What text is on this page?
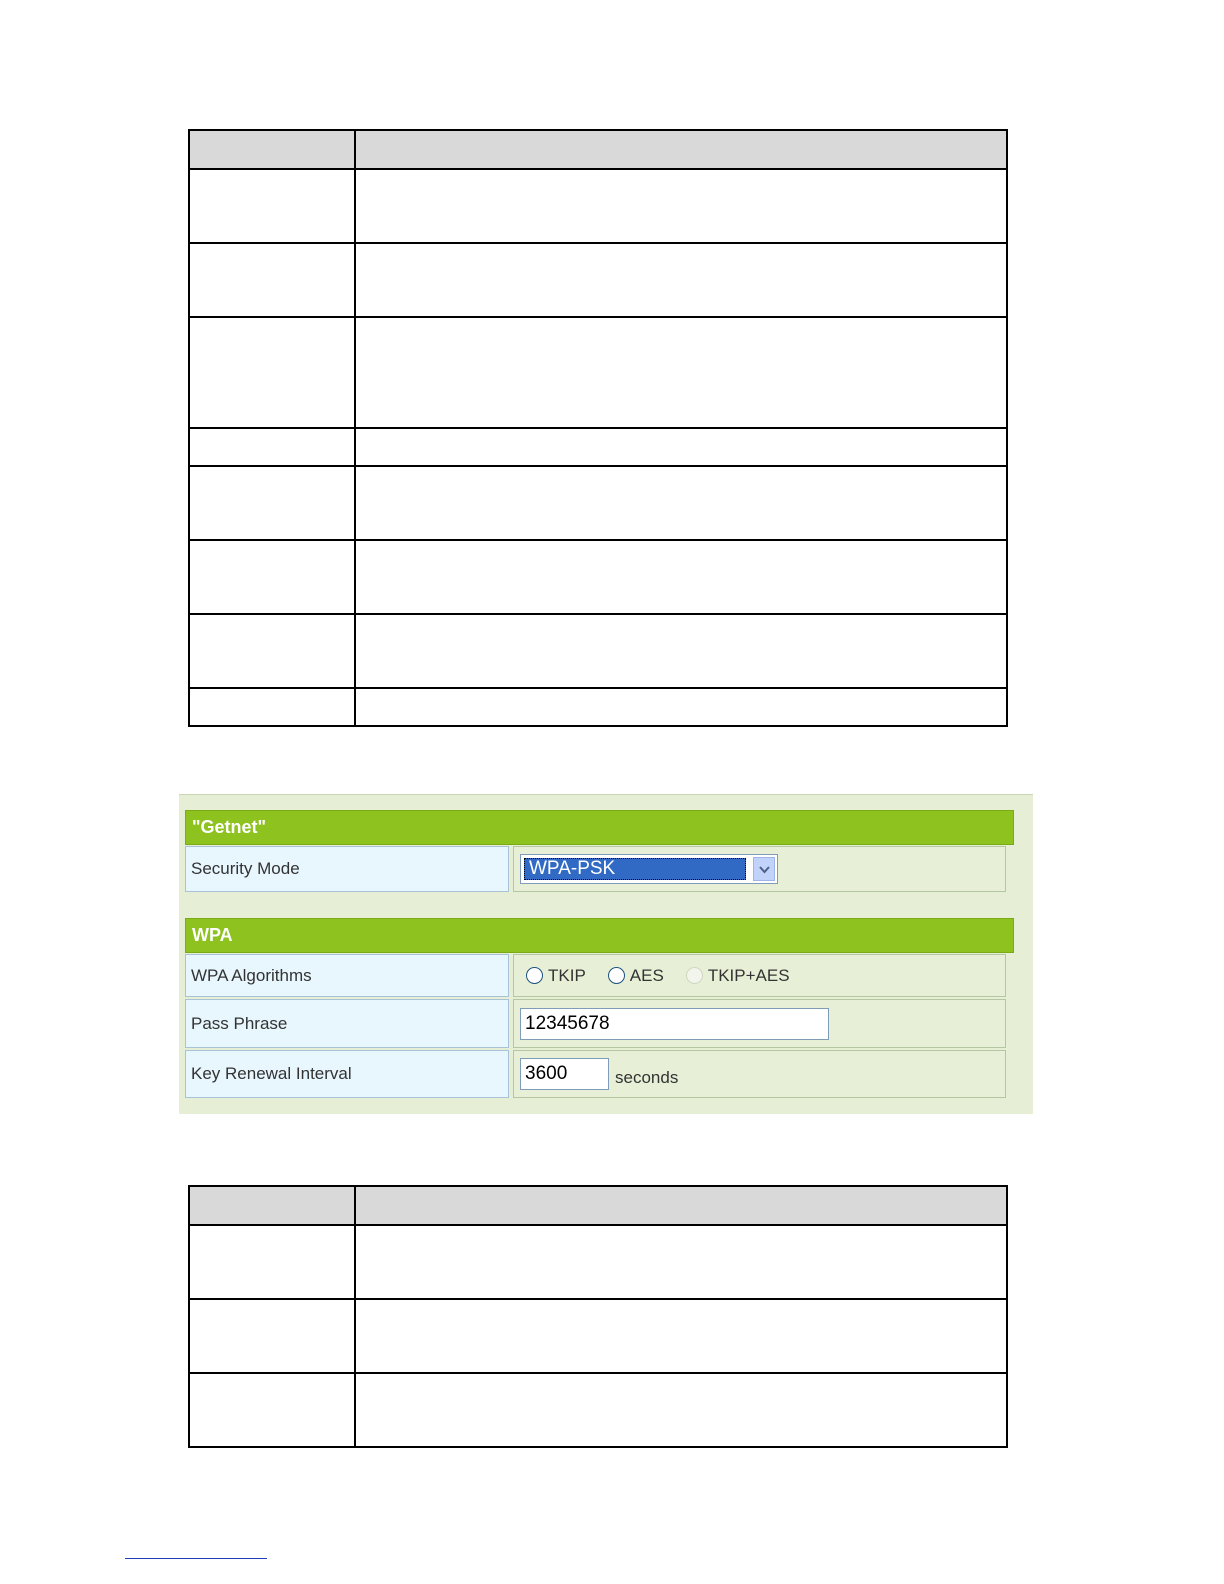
"Getnet"
Security Mode	WPA-PSK
WPA
WPA Algorithms	TKIP	AES	TKIP+AES
Pass Phrase	12345678
Key Renewal Interval	3600	seconds
